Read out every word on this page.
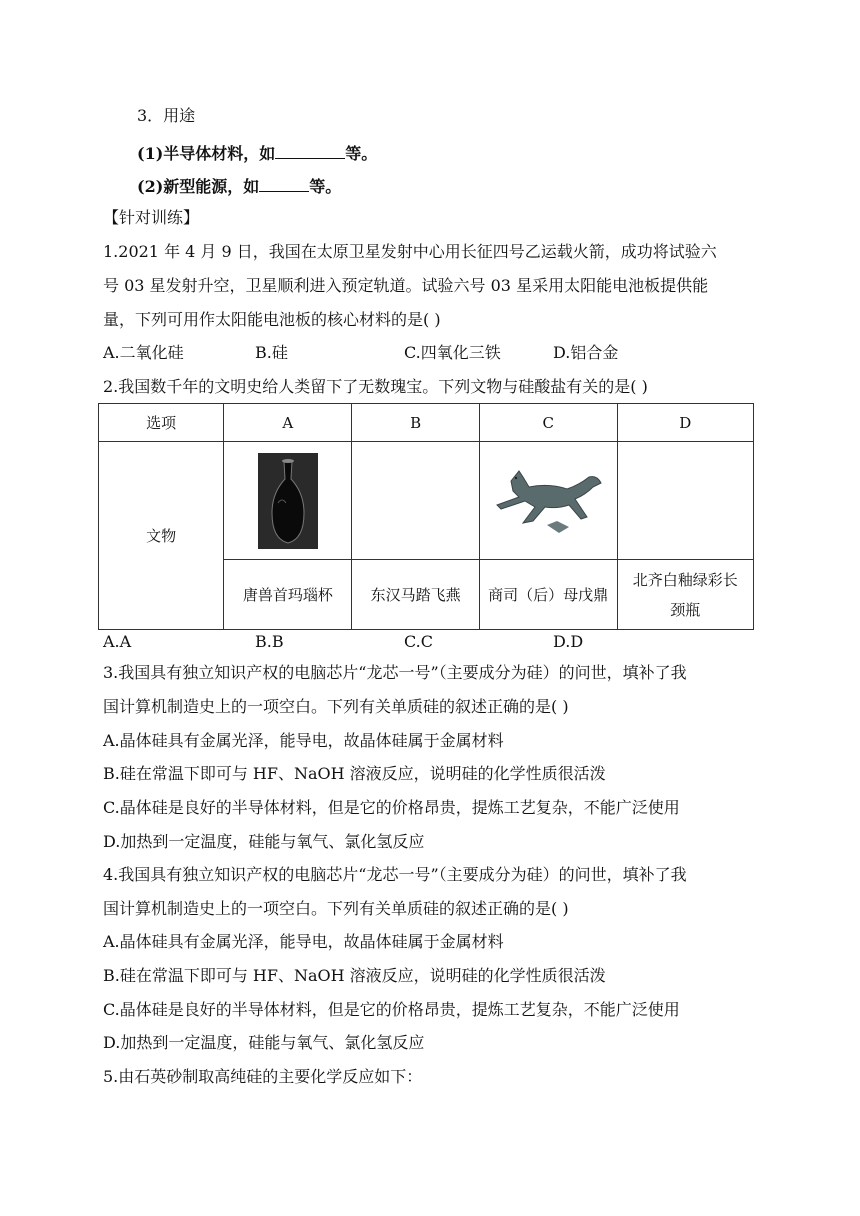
3．用途
(1)半导体材料，如	等。
(2)新型能源，如	等。
【针对训练】
1.2021 年 4 月 9 日，我国在太原卫星发射中心用长征四号乙运载火箭，成功将试验六
号 03 星发射升空，卫星顺利进入预定轨道。试验六号 03 星采用太阳能电池板提供能
量，下列可用作太阳能电池板的核心材料的是( )
A.二氧化硅	B.硅	C.四氧化三铁	D.铝合金
2.我国数千年的文明史给人类留下了无数瑰宝。下列文物与硅酸盐有关的是( )
选项	A	B	C	D
文物	

	唐兽首玛瑙杯	东汉马踏飞燕	商司（后）母戊鼎	北齐白釉绿彩长颈瓶
A.A	B.B	C.C	D.D
3.我国具有独立知识产权的电脑芯片“龙芯一号”（主要成分为硅）的问世，填补了我
国计算机制造史上的一项空白。下列有关单质硅的叙述正确的是( )
A.晶体硅具有金属光泽，能导电，故晶体硅属于金属材料
B.硅在常温下即可与 HF、NaOH 溶液反应，说明硅的化学性质很活泼
C.晶体硅是良好的半导体材料，但是它的价格昂贵，提炼工艺复杂，不能广泛使用
D.加热到一定温度，硅能与氧气、氯化氢反应
4.我国具有独立知识产权的电脑芯片“龙芯一号”（主要成分为硅）的问世，填补了我
国计算机制造史上的一项空白。下列有关单质硅的叙述正确的是( )
A.晶体硅具有金属光泽，能导电，故晶体硅属于金属材料
B.硅在常温下即可与 HF、NaOH 溶液反应，说明硅的化学性质很活泼
C.晶体硅是良好的半导体材料，但是它的价格昂贵，提炼工艺复杂，不能广泛使用
D.加热到一定温度，硅能与氧气、氯化氢反应
5.由石英砂制取高纯硅的主要化学反应如下：
